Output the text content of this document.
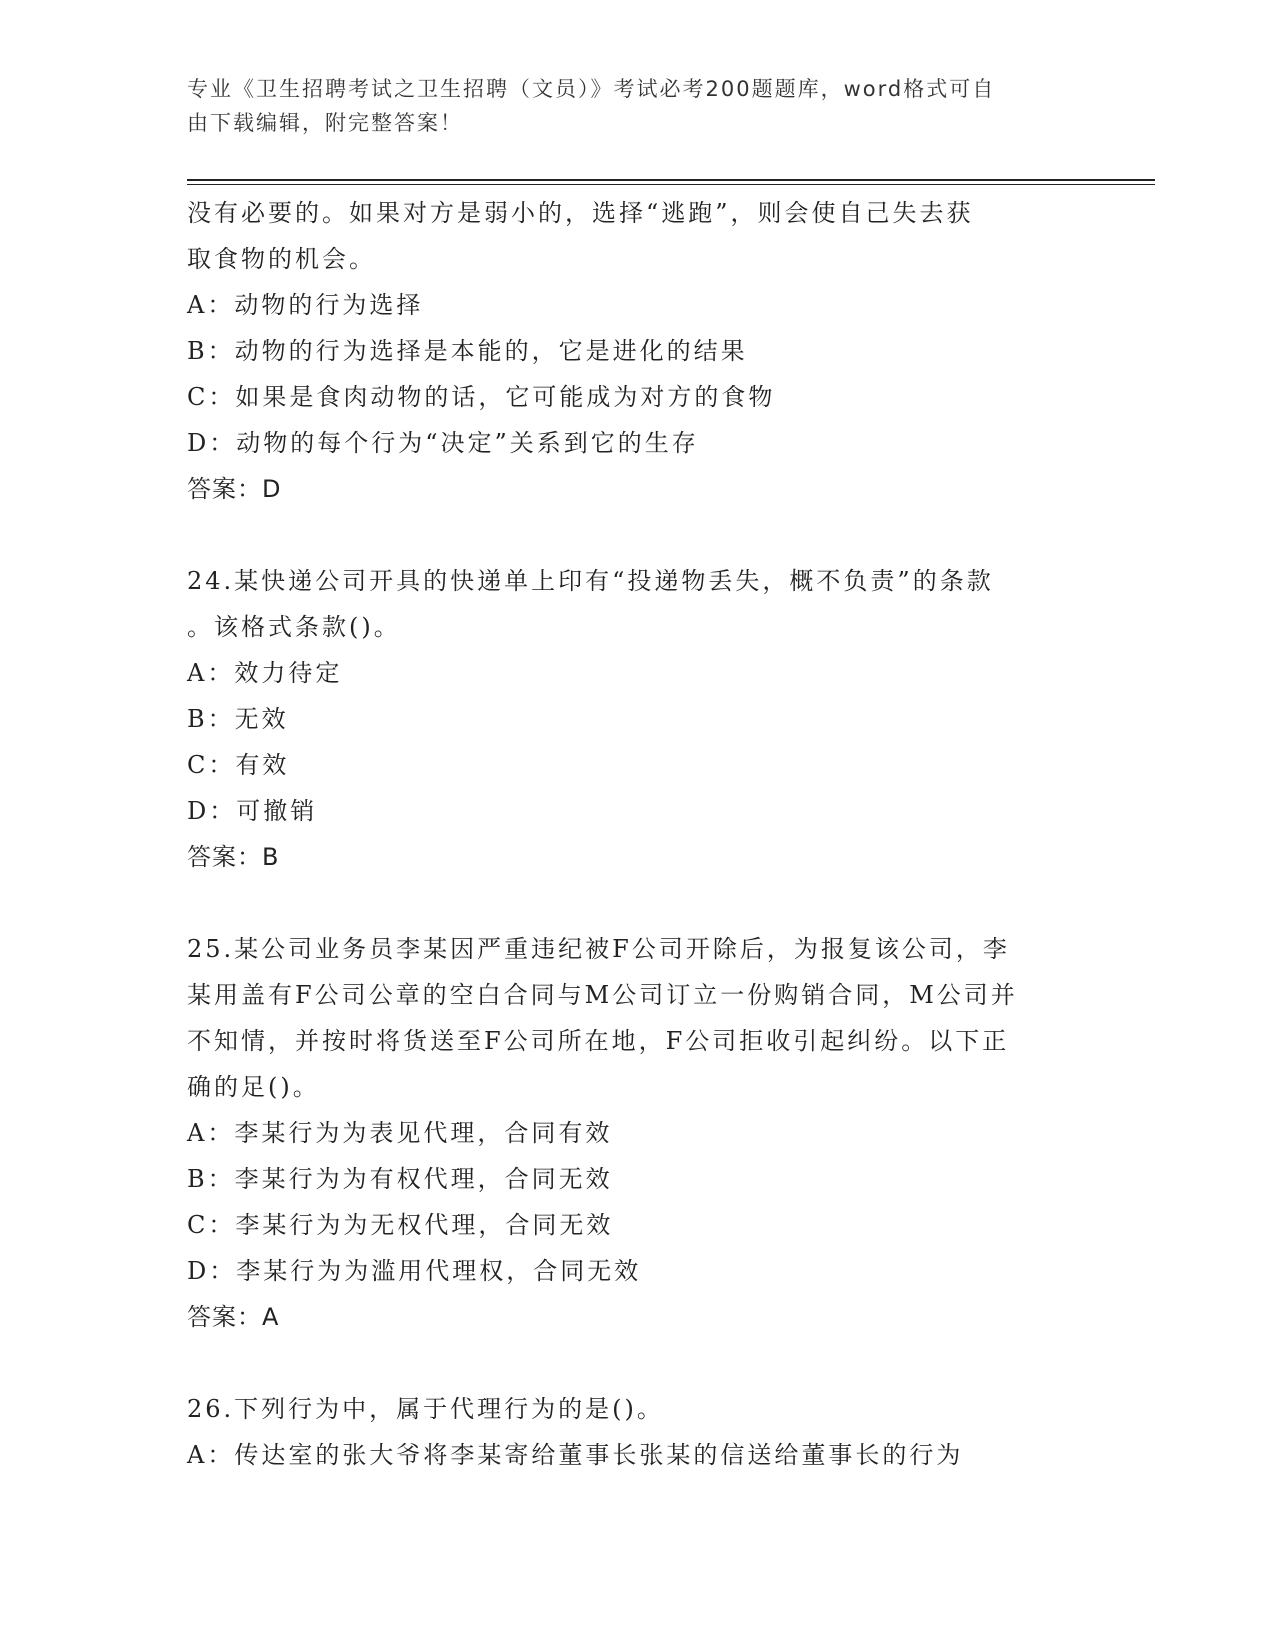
专业《卫生招聘考试之卫生招聘（文员）》考试必考200题题库，word格式可自
由下载编辑，附完整答案！
没有必要的。如果对方是弱小的，选择“逃跑”，则会使自己失去获
取食物的机会。
A：动物的行为选择
B：动物的行为选择是本能的，它是进化的结果
C：如果是食肉动物的话，它可能成为对方的食物
D：动物的每个行为“决定”关系到它的生存
答案：D
24.某快递公司开具的快递单上印有“投递物丢失，概不负责”的条款
。该格式条款()。
A：效力待定
B：无效
C：有效
D：可撤销
答案：B
25.某公司业务员李某因严重违纪被F公司开除后，为报复该公司，李
某用盖有F公司公章的空白合同与M公司订立一份购销合同，M公司并
不知情，并按时将货送至F公司所在地，F公司拒收引起纠纷。以下正
确的足()。
A：李某行为为表见代理，合同有效
B：李某行为为有权代理，合同无效
C：李某行为为无权代理，合同无效
D：李某行为为滥用代理权，合同无效
答案：A
26.下列行为中，属于代理行为的是()。
A：传达室的张大爷将李某寄给董事长张某的信送给董事长的行为
